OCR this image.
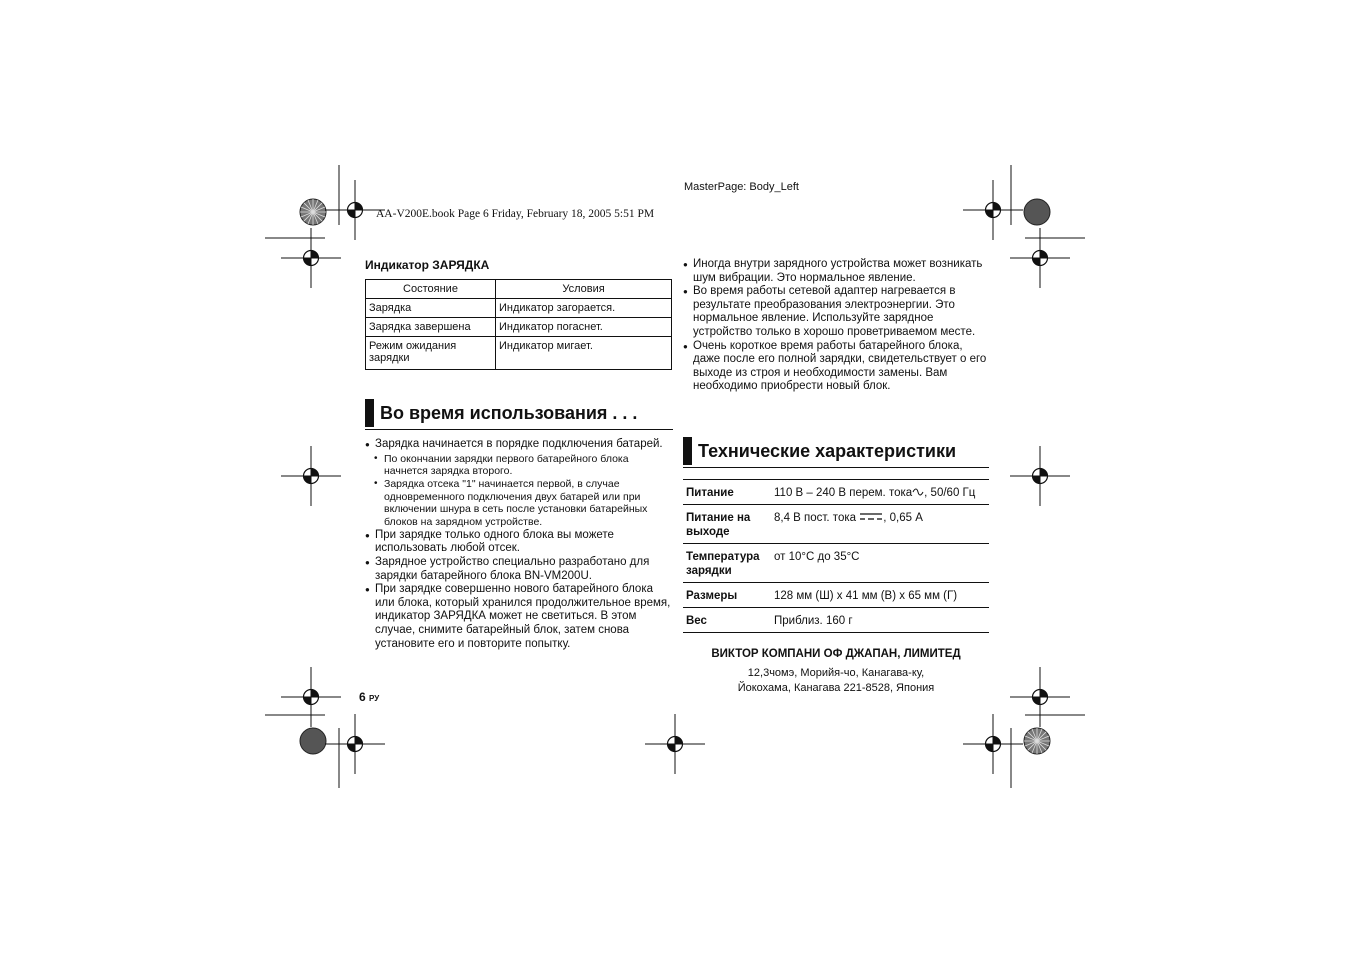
MasterPage: Body_Left
AA-V200E.book Page 6 Friday, February 18, 2005 5:51 PM
Индикатор ЗАРЯДКА
Состояние	Условия
Зарядка	Индикатор загорается.
Зарядка завершена	Индикатор погаснет.
Режим ожидания зарядки	Индикатор мигает.
Во время использования . . .
● Зарядка начинается в порядке подключения батарей.
• По окончании зарядки первого батарейного блока начнется зарядка второго.
• Зарядка отсека "1" начинается первой, в случае одновременного подключения двух батарей или при включении шнура в сеть после установки батарейных блоков на зарядном устройстве.
● При зарядке только одного блока вы можете использовать любой отсек.
● Зарядное устройство специально разработано для зарядки батарейного блока BN-VM200U.
● При зарядке совершенно нового батарейного блока или блока, который хранился продолжительное время, индикатор ЗАРЯДКА может не светиться. В этом случае, снимите батарейный блок, затем снова установите его и повторите попытку.
6 РУ
● Иногда внутри зарядного устройства может возникать шум вибрации. Это нормальное явление.
● Во время работы сетевой адаптер нагревается в результате преобразования электроэнергии. Это нормальное явление. Используйте зарядное устройство только в хорошо проветриваемом месте.
● Очень короткое время работы батарейного блока, даже после его полной зарядки, свидетельствует о его выходе из строя и необходимости замены. Вам необходимо приобрести новый блок.
Технические характеристики
Питание	110 В – 240 В перем. тока , 50/60 Гц
Питание на выходе	8,4 В пост. тока , 0,65 А
Температура зарядки	от 10°C до 35°C
Размеры	128 мм (Ш) x 41 мм (В) x 65 мм (Г)
Вес	Приблиз. 160 г
ВИКТОР КОМПАНИ ОФ ДЖАПАН, ЛИМИТЕД
12,3чомэ, Морийя-чо, Канагава-ку,
Йокохама, Канагава 221-8528, Япония
